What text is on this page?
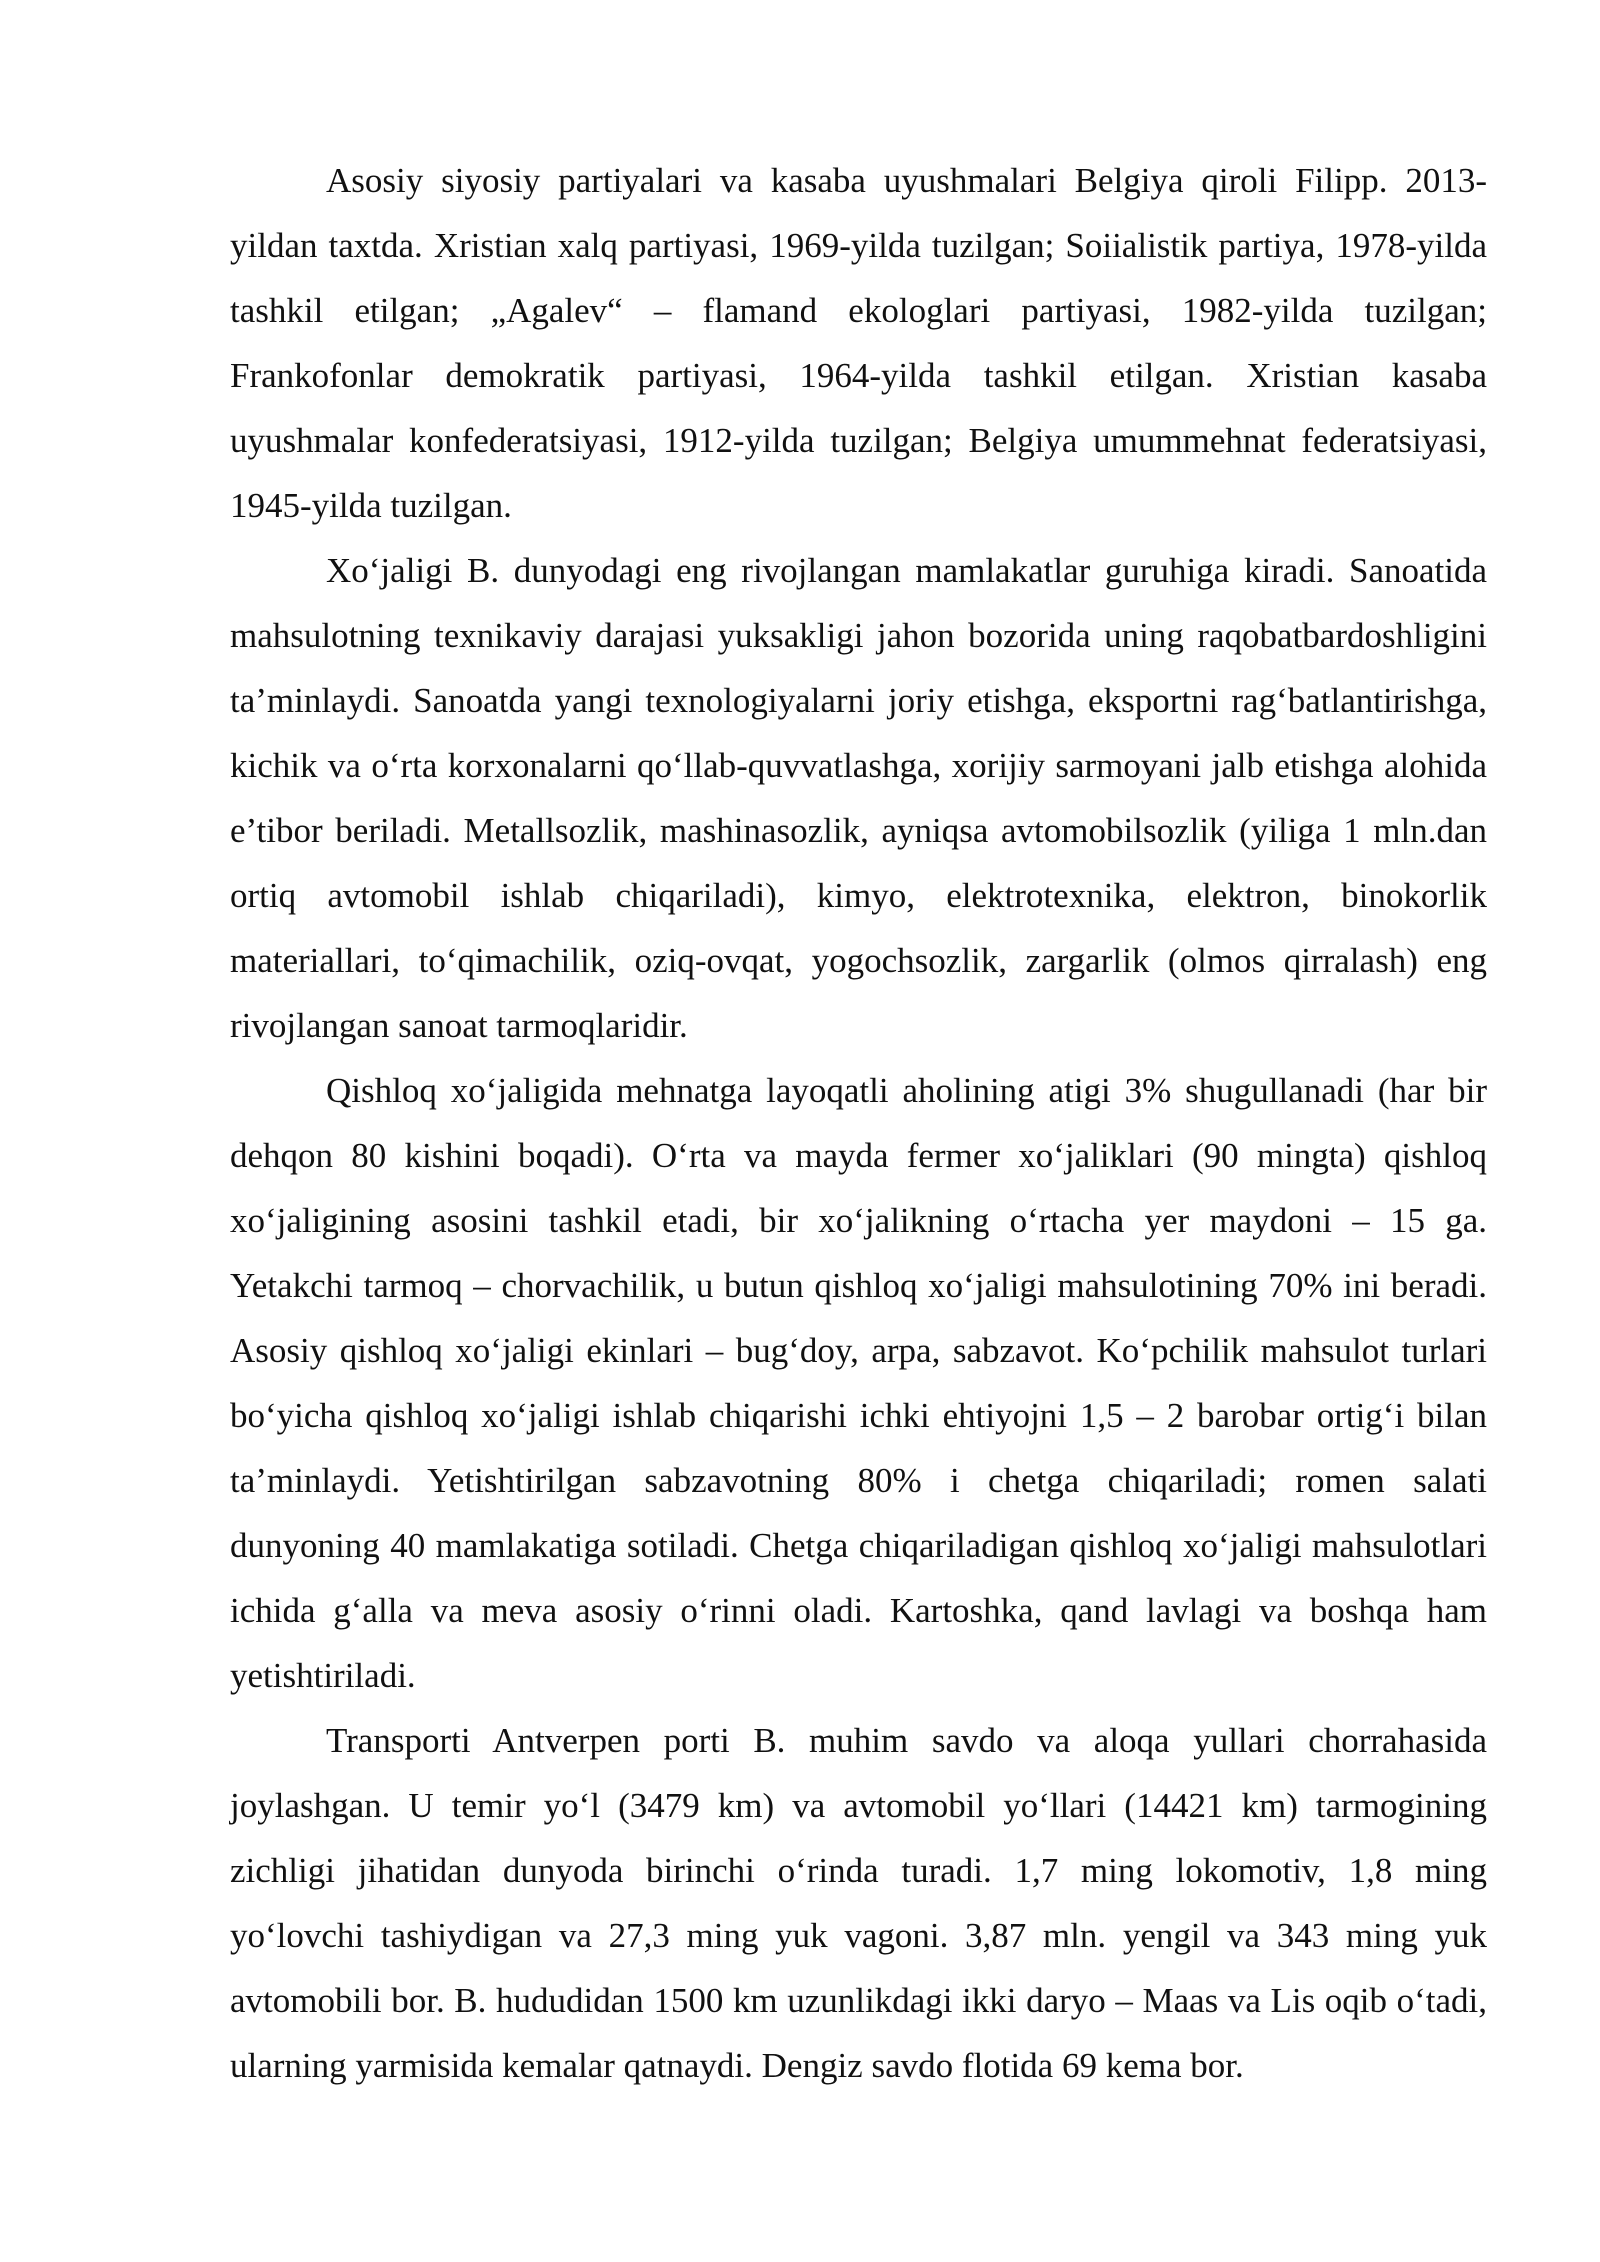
Asosiy siyosiy partiyalari va kasaba uyushmalari Belgiya qiroli Filipp. 2013-yildan taxtda. Xristian xalq partiyasi, 1969-yilda tuzilgan; Soiialistik partiya, 1978-yilda tashkil etilgan; „Agalev“ – flamand ekologlari partiyasi, 1982-yilda tuzilgan; Frankofonlar demokratik partiyasi, 1964-yilda tashkil etilgan. Xristian kasaba uyushmalar konfederatsiyasi, 1912-yilda tuzilgan; Belgiya umummehnat federatsiyasi, 1945-yilda tuzilgan.

Xo‘jaligi B. dunyodagi eng rivojlangan mamlakatlar guruhiga kiradi. Sanoatida mahsulotning texnikaviy darajasi yuksakligi jahon bozorida uning raqobatbardoshligini ta’minlaydi. Sanoatda yangi texnologiyalarni joriy etishga, eksportni rag‘batlantirishga, kichik va o‘rta korxonalarni qo‘llab-quvvatlashga, xorijiy sarmoyani jalb etishga alohida e’tibor beriladi. Metallsozlik, mashinasozlik, ayniqsa avtomobilsozlik (yiliga 1 mln.dan ortiq avtomobil ishlab chiqariladi), kimyo, elektrotexnika, elektron, binokorlik materiallari, to‘qimachilik, oziq-ovqat, yogochsozlik, zargarlik (olmos qirralash) eng rivojlangan sanoat tarmoqlaridir.

Qishloq xo‘jaligida mehnatga layoqatli aholining atigi 3% shugullanadi (har bir dehqon 80 kishini boqadi). O‘rta va mayda fermer xo‘jaliklari (90 mingta) qishloq xo‘jaligining asosini tashkil etadi, bir xo‘jalikning o‘rtacha yer maydoni – 15 ga. Yetakchi tarmoq – chorvachilik, u butun qishloq xo‘jaligi mahsulotining 70% ini beradi. Asosiy qishloq xo‘jaligi ekinlari – bug‘doy, arpa, sabzavot. Ko‘pchilik mahsulot turlari bo‘yicha qishloq xo‘jaligi ishlab chiqarishi ichki ehtiyojni 1,5 – 2 barobar ortig‘i bilan ta’minlaydi. Yetishtirilgan sabzavotning 80% i chetga chiqariladi; romen salati dunyoning 40 mamlakatiga sotiladi. Chetga chiqariladigan qishloq xo‘jaligi mahsulotlari ichida g‘alla va meva asosiy o‘rinni oladi. Kartoshka, qand lavlagi va boshqa ham yetishtiriladi.

Transporti Antverpen porti B. muhim savdo va aloqa yullari chorrahasida joylashgan. U temir yo‘l (3479 km) va avtomobil yo‘llari (14421 km) tarmogining zichligi jihatidan dunyoda birinchi o‘rinda turadi. 1,7 ming lokomotiv, 1,8 ming yo‘lovchi tashiydigan va 27,3 ming yuk vagoni. 3,87 mln. yengil va 343 ming yuk avtomobili bor. B. hududidan 1500 km uzunlikdagi ikki daryo – Maas va Lis oqib o‘tadi, ularning yarmisida kemalar qatnaydi. Dengiz savdo flotida 69 kema bor.
